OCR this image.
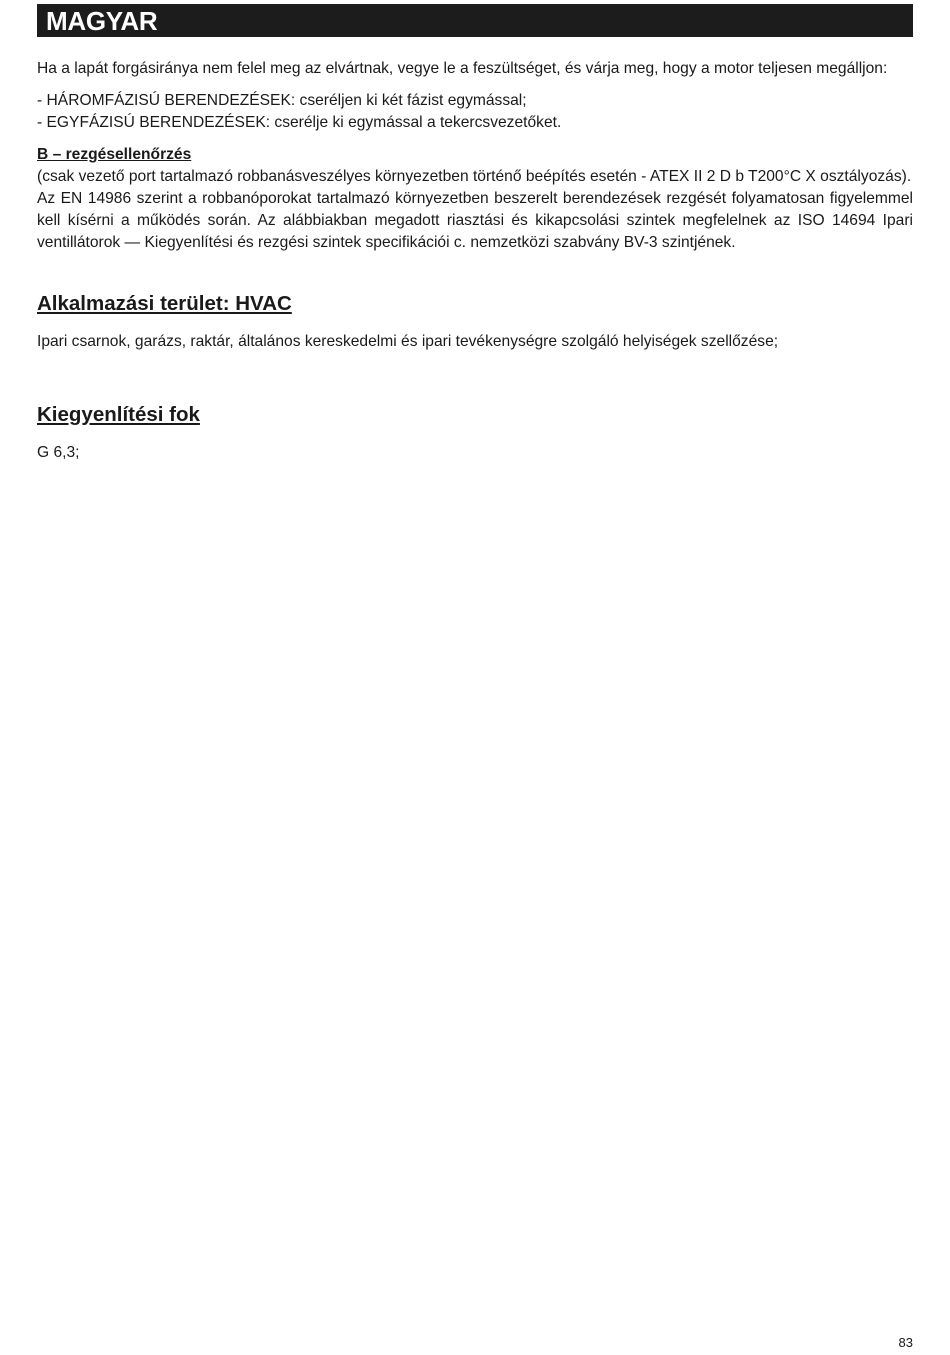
MAGYAR

Ha a lapát forgásiránya nem felel meg az elvártnak, vegye le a feszültséget, és várja meg, hogy a motor teljesen megálljon:

- HÁROMFÁZISÚ BERENDEZÉSEK: cseréljen ki két fázist egymással;
- EGYFÁZISÚ BERENDEZÉSEK: cserélje ki egymással a tekercsvezetőket.
B – rezgésellenőrzés

(csak vezető port tartalmazó robbanásveszélyes környezetben történő beépítés esetén - ATEX II 2 D b T200°C X osztályozás).

Az EN 14986 szerint a robbanóporokat tartalmazó környezetben beszerelt berendezések rezgését folyamatosan figyelemmel kell kísérni a működés során. Az alábbiakban megadott riasztási és kikapcsolási szintek megfelelnek az ISO 14694 Ipari ventillátorok — Kiegyenlítési és rezgési szintek specifikációi c. nemzetközi szabvány BV-3 szintjének.

Alkalmazási terület: HVAC

Ipari csarnok, garázs, raktár, általános kereskedelmi és ipari tevékenységre szolgáló helyiségek szellőzése;

Kiegyenlítési fok

G 6,3;

83
